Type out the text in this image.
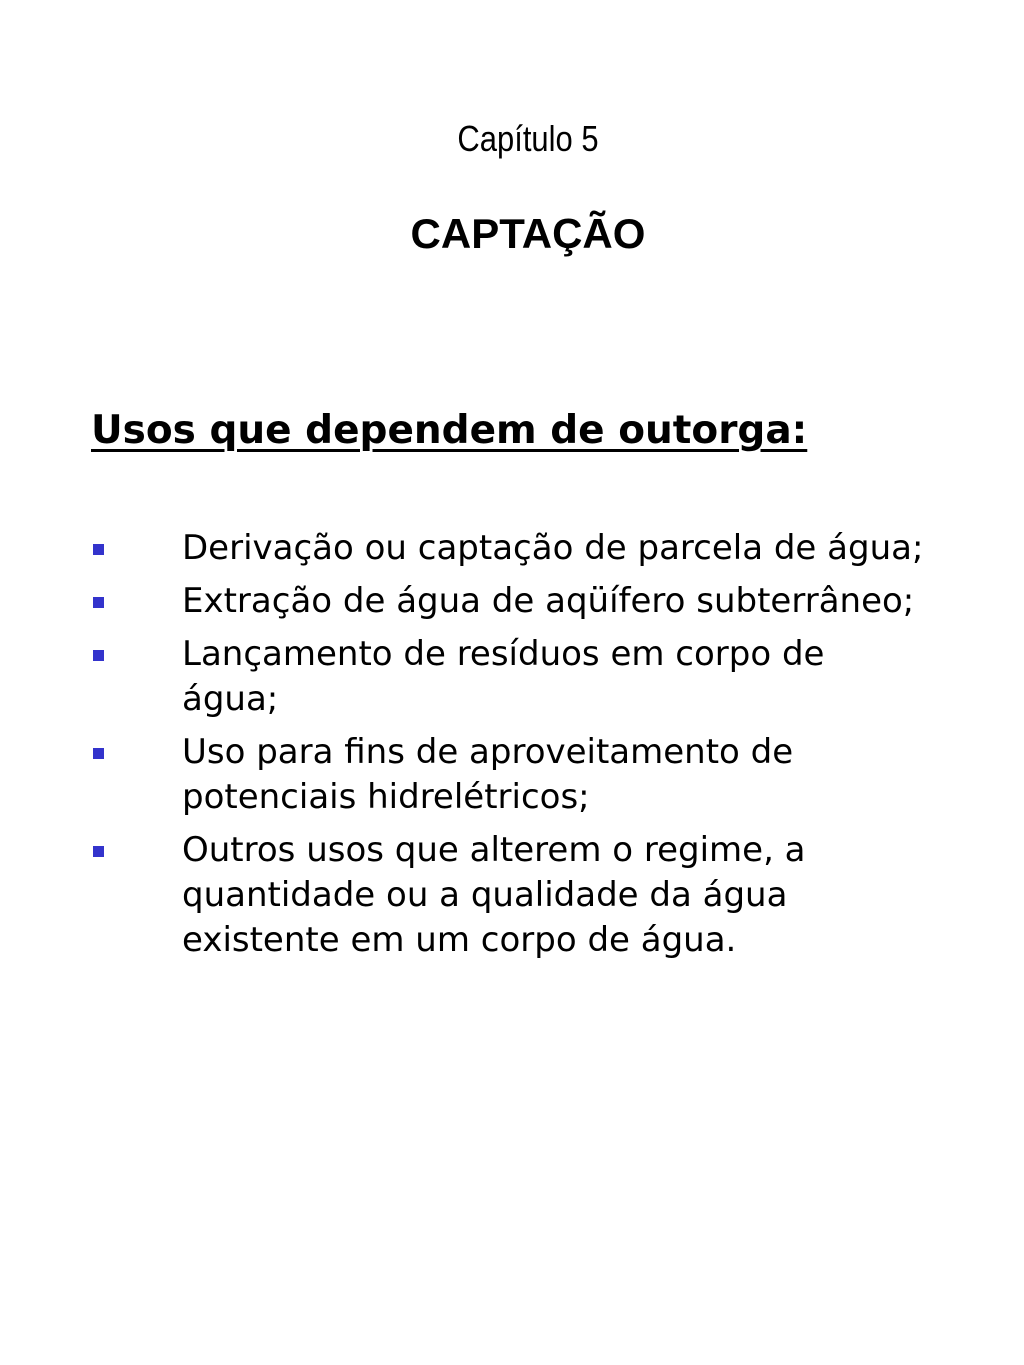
Capítulo 5
CAPTAÇÃO
Usos que dependem de outorga:
Derivação ou captação de parcela de água;
Extração de água de aqüífero subterrâneo;
Lançamento de resíduos em corpo de água;
Uso para fins de aproveitamento de potenciais hidrelétricos;
Outros usos que alterem o regime, a quantidade ou a qualidade da água existente em um corpo de água.
